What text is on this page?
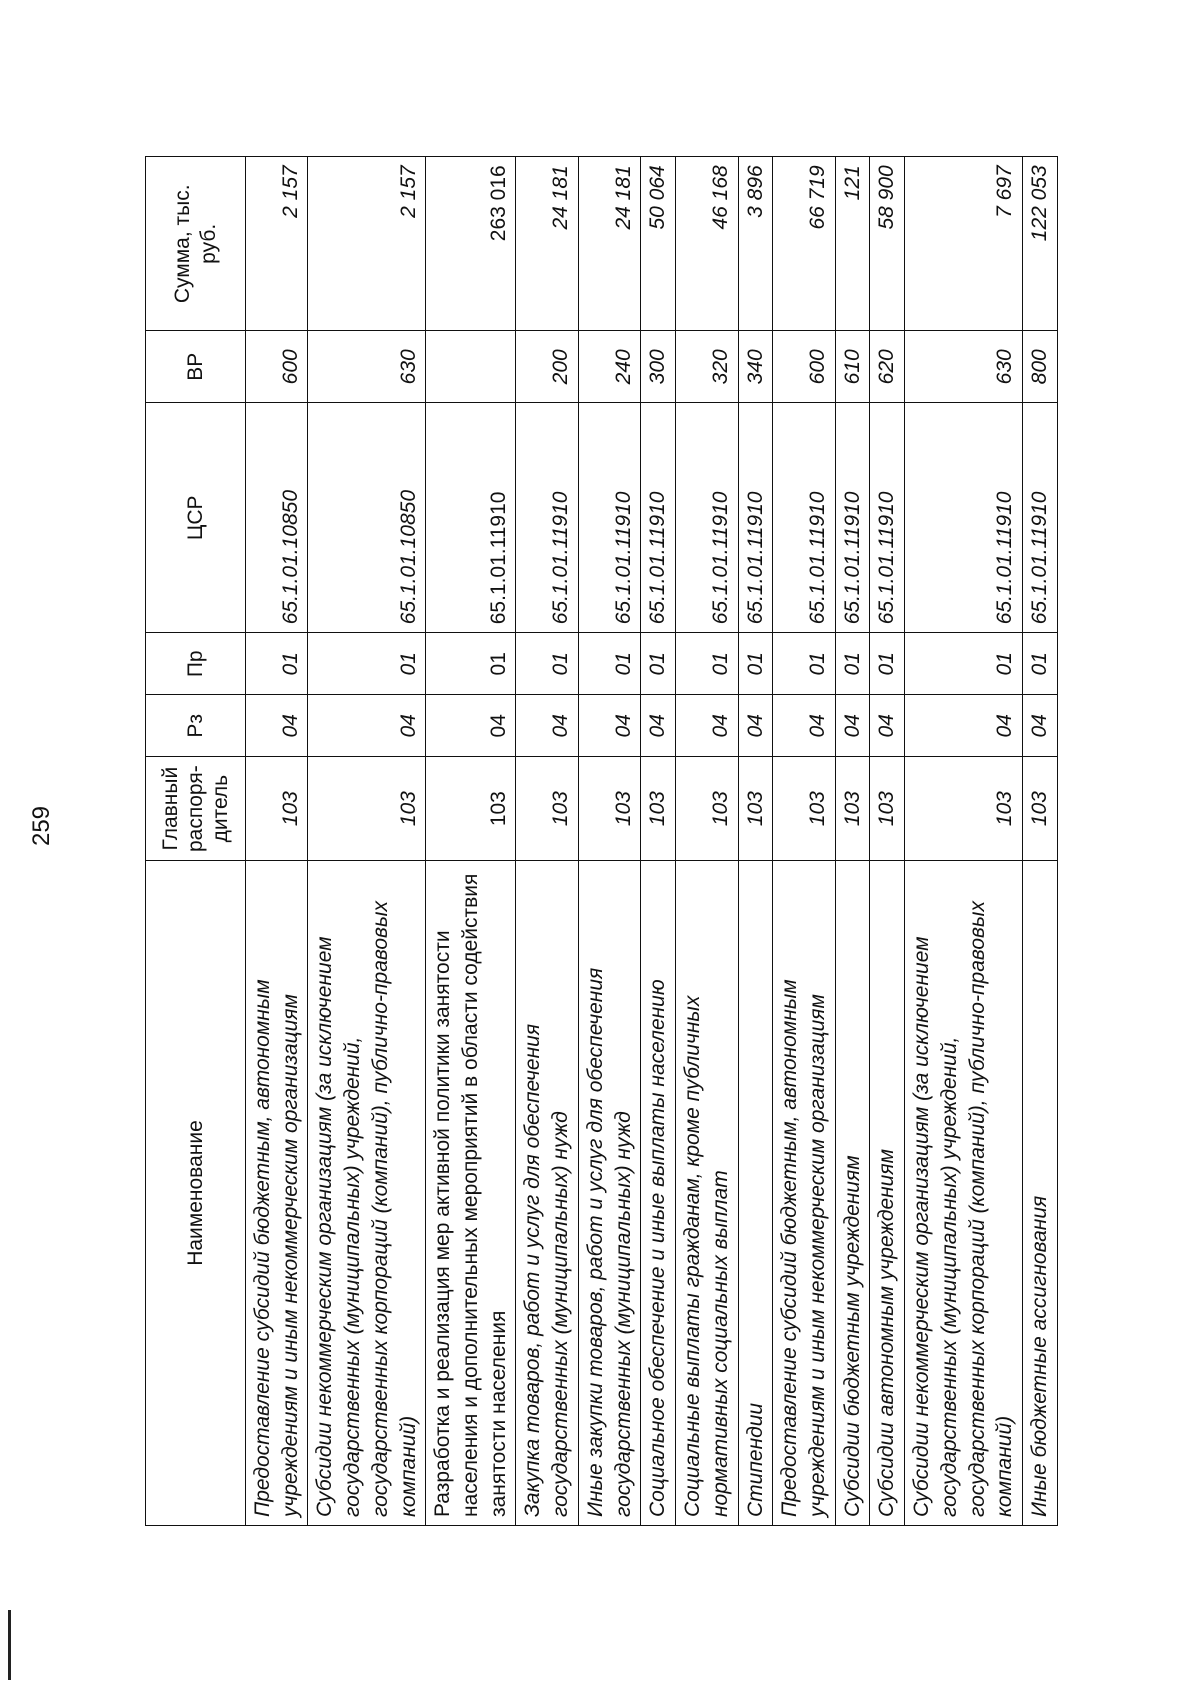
259
Наименование	Главный распоря-дитель	Рз	Пр	ЦСР	ВР	Сумма, тыс. руб.
Предоставление субсидий бюджетным, автономным учреждениям и иным некоммерческим организациям	103	04	01	65.1.01.10850	600	2 157
Субсидии некоммерческим организациям (за исключением государственных (муниципальных) учреждений, государственных корпораций (компаний), публично-правовых компаний)	103	04	01	65.1.01.10850	630	2 157
Разработка и реализация мер активной политики занятости населения и дополнительных мероприятий в области содействия занятости населения	103	04	01	65.1.01.11910		263 016
Закупка товаров, работ и услуг для обеспечения государственных (муниципальных) нужд	103	04	01	65.1.01.11910	200	24 181
Иные закупки товаров, работ и услуг для обеспечения государственных (муниципальных) нужд	103	04	01	65.1.01.11910	240	24 181
Социальное обеспечение и иные выплаты населению	103	04	01	65.1.01.11910	300	50 064
Социальные выплаты гражданам, кроме публичных нормативных социальных выплат	103	04	01	65.1.01.11910	320	46 168
Стипендии	103	04	01	65.1.01.11910	340	3 896
Предоставление субсидий бюджетным, автономным учреждениям и иным некоммерческим организациям	103	04	01	65.1.01.11910	600	66 719
Субсидии бюджетным учреждениям	103	04	01	65.1.01.11910	610	121
Субсидии автономным учреждениям	103	04	01	65.1.01.11910	620	58 900
Субсидии некоммерческим организациям (за исключением государственных (муниципальных) учреждений, государственных корпораций (компаний), публично-правовых компаний)	103	04	01	65.1.01.11910	630	7 697
Иные бюджетные ассигнования	103	04	01	65.1.01.11910	800	122 053
